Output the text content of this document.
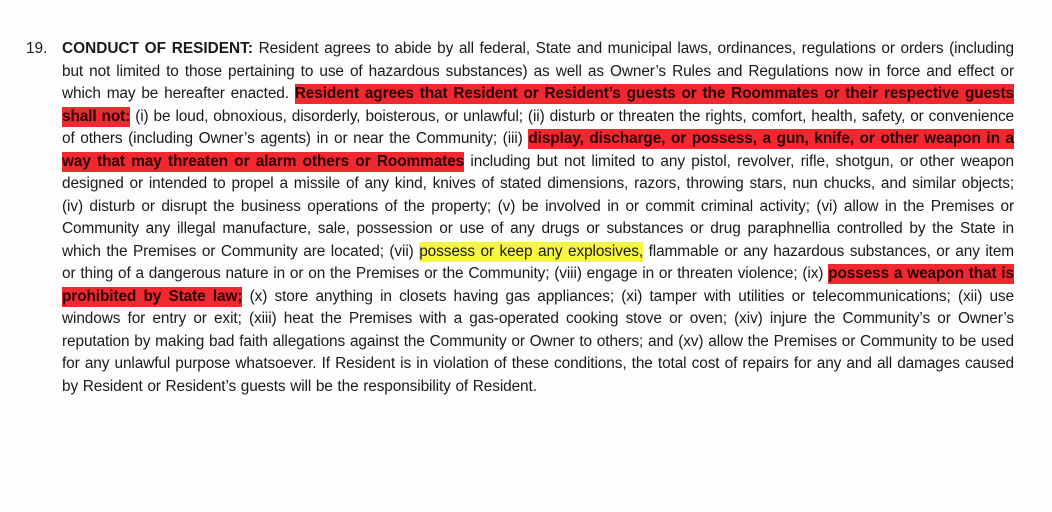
19. CONDUCT OF RESIDENT: Resident agrees to abide by all federal, State and municipal laws, ordinances, regulations or orders (including but not limited to those pertaining to use of hazardous substances) as well as Owner’s Rules and Regulations now in force and effect or which may be hereafter enacted. Resident agrees that Resident or Resident’s guests or the Roommates or their respective guests shall not: (i) be loud, obnoxious, disorderly, boisterous, or unlawful; (ii) disturb or threaten the rights, comfort, health, safety, or convenience of others (including Owner’s agents) in or near the Community; (iii) display, discharge, or possess, a gun, knife, or other weapon in a way that may threaten or alarm others or Roommates including but not limited to any pistol, revolver, rifle, shotgun, or other weapon designed or intended to propel a missile of any kind, knives of stated dimensions, razors, throwing stars, nun chucks, and similar objects; (iv) disturb or disrupt the business operations of the property; (v) be involved in or commit criminal activity; (vi) allow in the Premises or Community any illegal manufacture, sale, possession or use of any drugs or substances or drug paraphnellia controlled by the State in which the Premises or Community are located; (vii) possess or keep any explosives, flammable or any hazardous substances, or any item or thing of a dangerous nature in or on the Premises or the Community; (viii) engage in or threaten violence; (ix) possess a weapon that is prohibited by State law; (x) store anything in closets having gas appliances; (xi) tamper with utilities or telecommunications; (xii) use windows for entry or exit; (xiii) heat the Premises with a gas-operated cooking stove or oven; (xiv) injure the Community’s or Owner’s reputation by making bad faith allegations against the Community or Owner to others; and (xv) allow the Premises or Community to be used for any unlawful purpose whatsoever. If Resident is in violation of these conditions, the total cost of repairs for any and all damages caused by Resident or Resident’s guests will be the responsibility of Resident.
